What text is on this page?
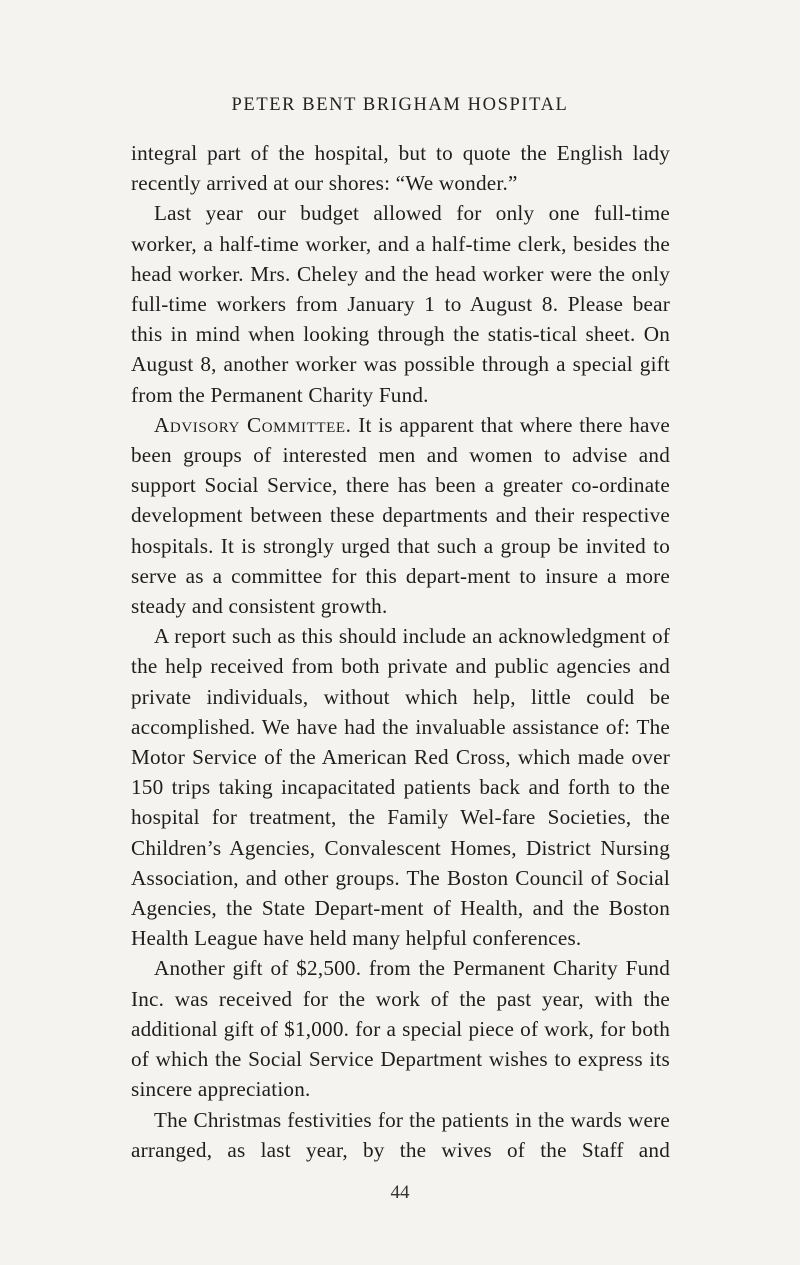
PETER BENT BRIGHAM HOSPITAL

integral part of the hospital, but to quote the English lady recently arrived at our shores: “We wonder.”

Last year our budget allowed for only one full-time worker, a half-time worker, and a half-time clerk, besides the head worker. Mrs. Cheley and the head worker were the only full-time workers from January 1 to August 8. Please bear this in mind when looking through the statis-tical sheet. On August 8, another worker was possible through a special gift from the Permanent Charity Fund.

Advisory Committee. It is apparent that where there have been groups of interested men and women to advise and support Social Service, there has been a greater co-ordinate development between these departments and their respective hospitals. It is strongly urged that such a group be invited to serve as a committee for this depart-ment to insure a more steady and consistent growth.

A report such as this should include an acknowledgment of the help received from both private and public agencies and private individuals, without which help, little could be accomplished. We have had the invaluable assistance of: The Motor Service of the American Red Cross, which made over 150 trips taking incapacitated patients back and forth to the hospital for treatment, the Family Wel-fare Societies, the Children’s Agencies, Convalescent Homes, District Nursing Association, and other groups. The Boston Council of Social Agencies, the State Depart-ment of Health, and the Boston Health League have held many helpful conferences.

Another gift of $2,500. from the Permanent Charity Fund Inc. was received for the work of the past year, with the additional gift of $1,000. for a special piece of work, for both of which the Social Service Department wishes to express its sincere appreciation.

The Christmas festivities for the patients in the wards were arranged, as last year, by the wives of the Staff and

44
